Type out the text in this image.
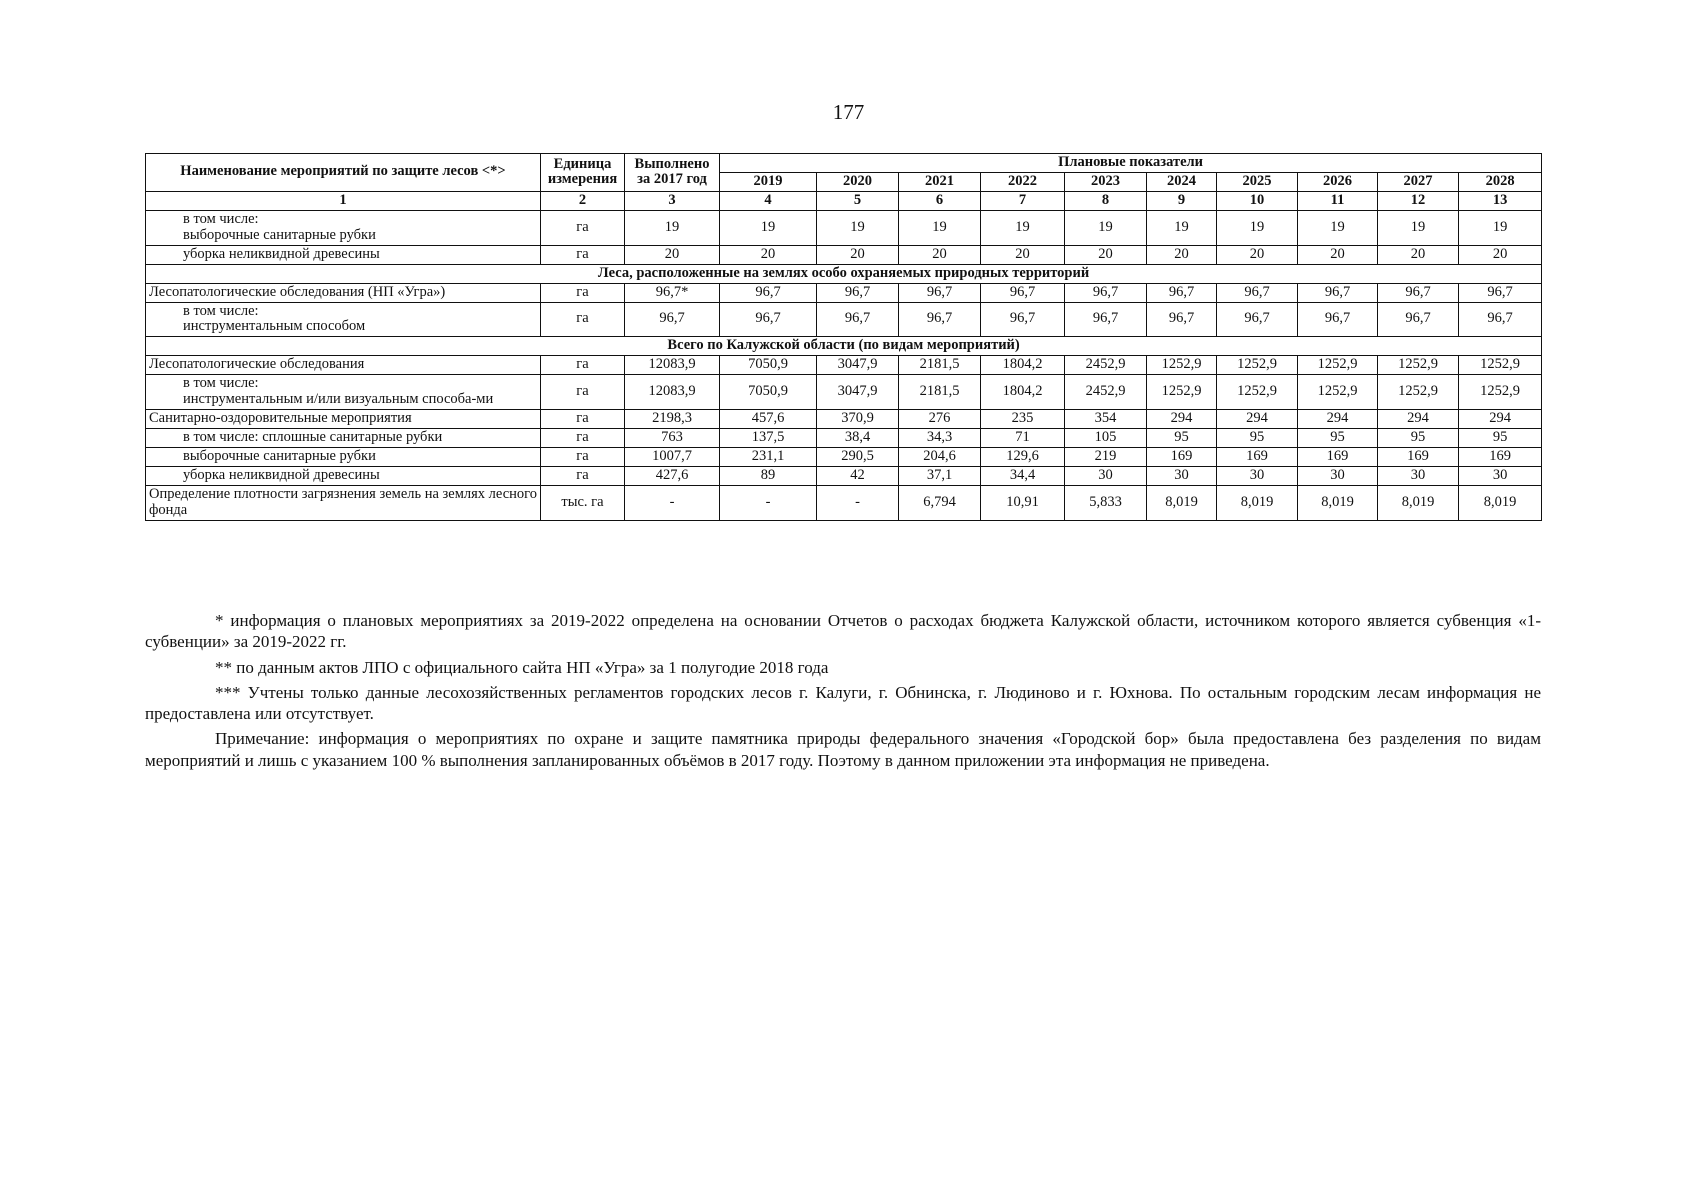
177
Наименование мероприятий по защите лесов <*>	Единица измерения	Выполнено за 2017 год	Плановые показатели									
			2019	2020	2021	2022	2023	2024	2025	2026	2027	2028
1	2	3	4	5	6	7	8	9	10	11	12	13

в том числе:
выборочные санитарные рубки	га	19	19	19	19	19	19	19	19	19	19	19
уборка неликвидной древесины	га	20	20	20	20	20	20	20	20	20	20	20
Леса, расположенные на землях особо охраняемых природных территорий												
Лесопатологические обследования (НП «Угра»)	га	96,7*	96,7	96,7	96,7	96,7	96,7	96,7	96,7	96,7	96,7	96,7

в том числе:
инструментальным способом	га	96,7	96,7	96,7	96,7	96,7	96,7	96,7	96,7	96,7	96,7	96,7
Всего по Калужской области (по видам мероприятий)												
Лесопатологические обследования	га	12083,9	7050,9	3047,9	2181,5	1804,2	2452,9	1252,9	1252,9	1252,9	1252,9	1252,9

в том числе:
инструментальным и/или визуальным способа-ми	га	12083,9	7050,9	3047,9	2181,5	1804,2	2452,9	1252,9	1252,9	1252,9	1252,9	1252,9
Санитарно-оздоровительные мероприятия	га	2198,3	457,6	370,9	276	235	354	294	294	294	294	294
в том числе: сплошные санитарные рубки	га	763	137,5	38,4	34,3	71	105	95	95	95	95	95
выборочные санитарные рубки	га	1007,7	231,1	290,5	204,6	129,6	219	169	169	169	169	169
уборка неликвидной древесины	га	427,6	89	42	37,1	34,4	30	30	30	30	30	30
Определение плотности загрязнения земель на землях лесного фонда	тыс. га	-	-	-	6,794	10,91	5,833	8,019	8,019	8,019	8,019	8,019

* информация о плановых мероприятиях за 2019-2022 определена на основании Отчетов о расходах бюджета Калужской области, источником которого является субвенция «1-субвенции» за 2019-2022 гг.

** по данным актов ЛПО с официального сайта НП «Угра» за 1 полугодие 2018 года

*** Учтены только данные лесохозяйственных регламентов городских лесов г. Калуги, г. Обнинска, г. Людиново и г. Юхнова. По остальным городским лесам информация не предоставлена или отсутствует.

Примечание: информация о мероприятиях по охране и защите памятника природы федерального значения «Городской бор» была предоставлена без разделения по видам мероприятий и лишь с указанием 100 % выполнения запланированных объёмов в 2017 году. Поэтому в данном приложении эта информация не приведена.
